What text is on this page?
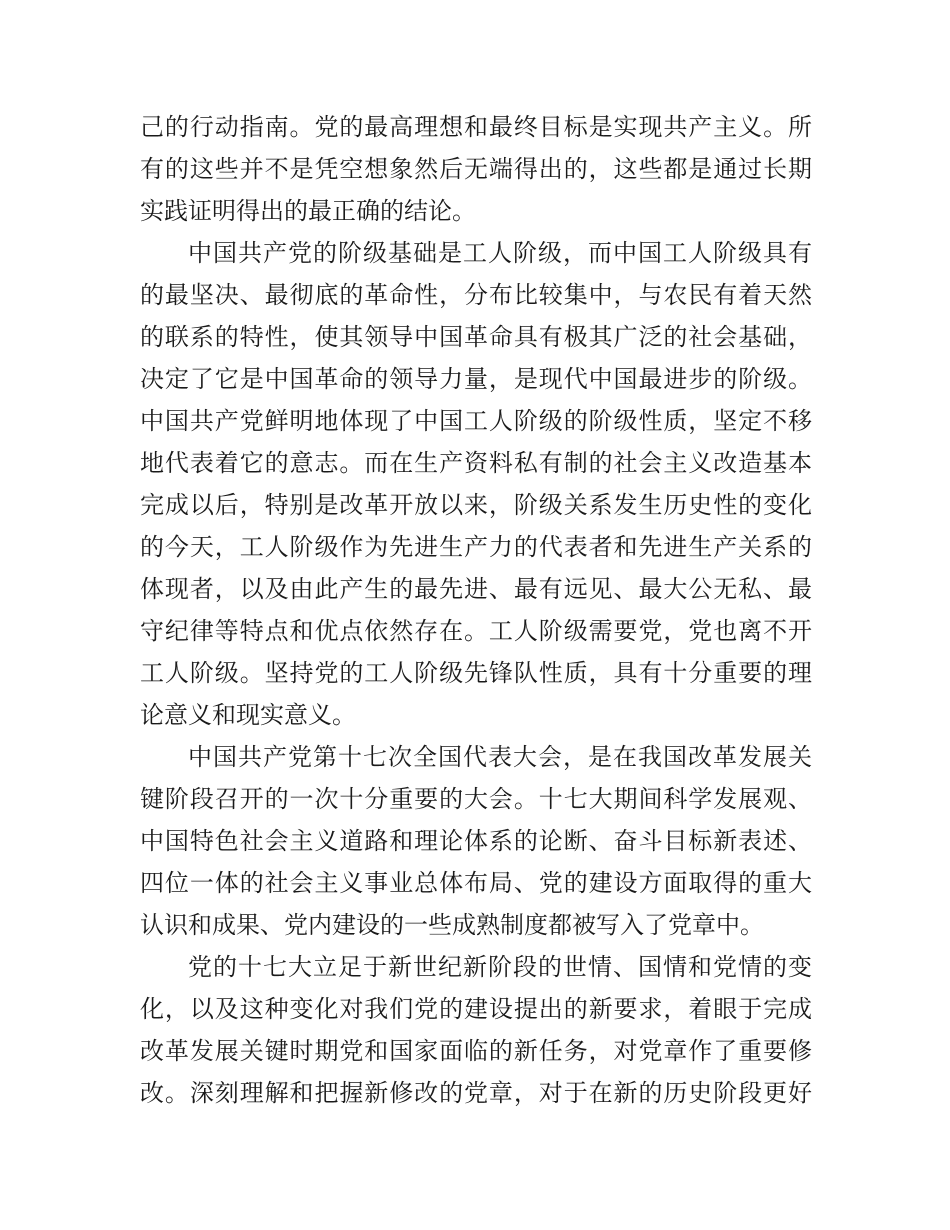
己的行动指南。党的最高理想和最终目标是实现共产主义。所
有的这些并不是凭空想象然后无端得出的，这些都是通过长期
实践证明得出的最正确的结论。
中国共产党的阶级基础是工人阶级，而中国工人阶级具有
的最坚决、最彻底的革命性，分布比较集中，与农民有着天然
的联系的特性，使其领导中国革命具有极其广泛的社会基础，
决定了它是中国革命的领导力量，是现代中国最进步的阶级。
中国共产党鲜明地体现了中国工人阶级的阶级性质，坚定不移
地代表着它的意志。而在生产资料私有制的社会主义改造基本
完成以后，特别是改革开放以来，阶级关系发生历史性的变化
的今天，工人阶级作为先进生产力的代表者和先进生产关系的
体现者，以及由此产生的最先进、最有远见、最大公无私、最
守纪律等特点和优点依然存在。工人阶级需要党，党也离不开
工人阶级。坚持党的工人阶级先锋队性质，具有十分重要的理
论意义和现实意义。
中国共产党第十七次全国代表大会，是在我国改革发展关
键阶段召开的一次十分重要的大会。十七大期间科学发展观、
中国特色社会主义道路和理论体系的论断、奋斗目标新表述、
四位一体的社会主义事业总体布局、党的建设方面取得的重大
认识和成果、党内建设的一些成熟制度都被写入了党章中。
党的十七大立足于新世纪新阶段的世情、国情和党情的变
化，以及这种变化对我们党的建设提出的新要求，着眼于完成
改革发展关键时期党和国家面临的新任务，对党章作了重要修
改。深刻理解和把握新修改的党章，对于在新的历史阶段更好
